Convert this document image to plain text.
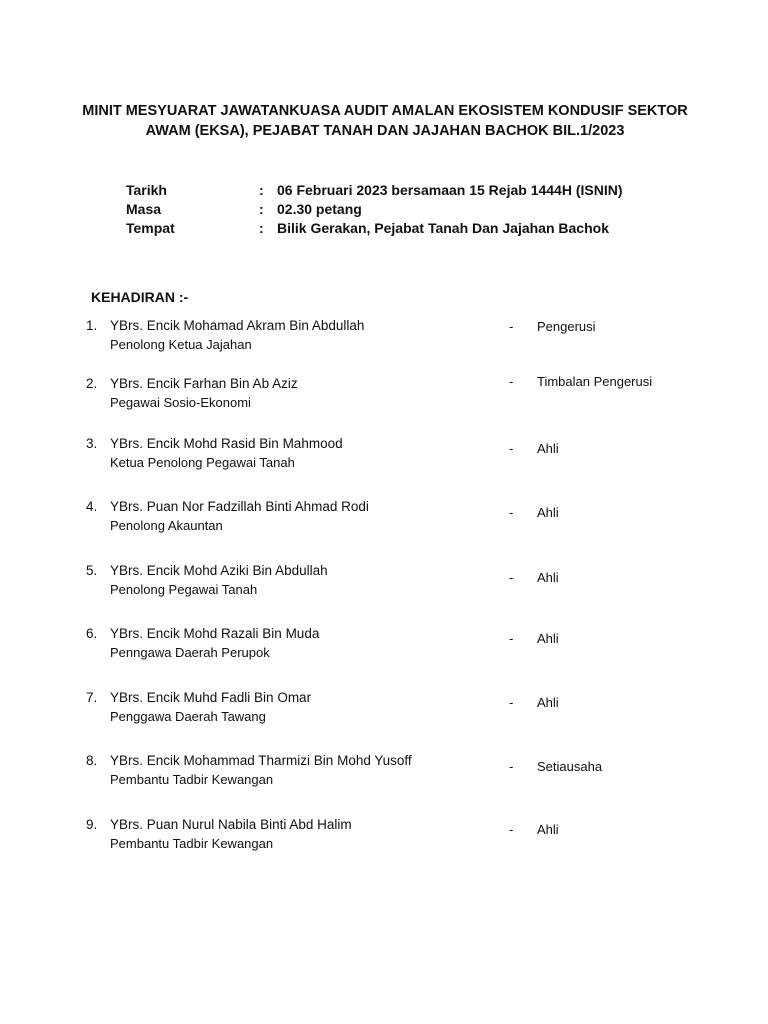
MINIT MESYUARAT JAWATANKUASA AUDIT AMALAN EKOSISTEM KONDUSIF SEKTOR
AWAM (EKSA), PEJABAT TANAH DAN JAJAHAN BACHOK BIL.1/2023
Tarikh	: 06 Februari 2023 bersamaan 15 Rejab 1444H (ISNIN)
Masa	: 02.30 petang
Tempat	: Bilik Gerakan, Pejabat Tanah Dan Jajahan Bachok
KEHADIRAN :-
1. YBrs. Encik Mohamad Akram Bin Abdullah
Penolong Ketua Jajahan
- Pengerusi
2. YBrs. Encik Farhan Bin Ab Aziz
Pegawai Sosio-Ekonomi
- Timbalan Pengerusi
3. YBrs. Encik Mohd Rasid Bin Mahmood
Ketua Penolong Pegawai Tanah
- Ahli
4. YBrs. Puan Nor Fadzillah Binti Ahmad Rodi
Penolong Akauntan
- Ahli
5. YBrs. Encik Mohd Aziki Bin Abdullah
Penolong Pegawai Tanah
- Ahli
6. YBrs. Encik Mohd Razali Bin Muda
Penngawa Daerah Perupok
- Ahli
7. YBrs. Encik Muhd Fadli Bin Omar
Penggawa Daerah Tawang
- Ahli
8. YBrs. Encik Mohammad Tharmizi Bin Mohd Yusoff
Pembantu Tadbir Kewangan
- Setiausaha
9. YBrs. Puan Nurul Nabila Binti Abd Halim
Pembantu Tadbir Kewangan
- Ahli
